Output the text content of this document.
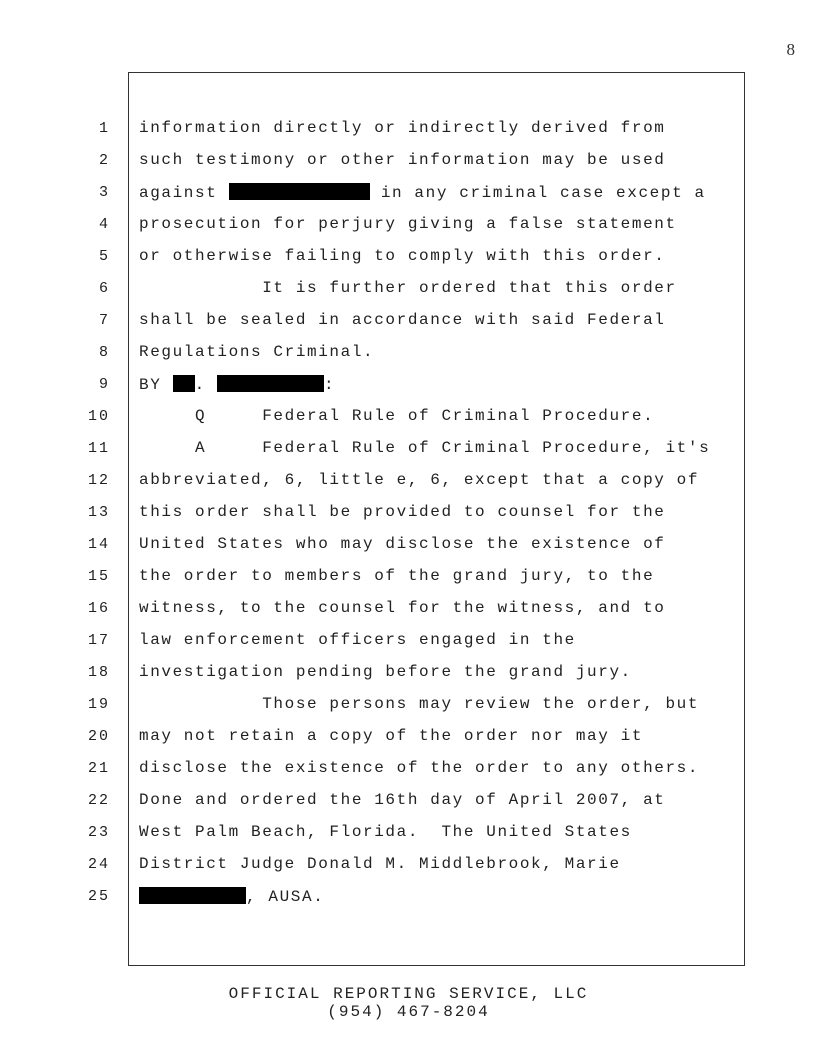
8
1
2
3
4
5
6
7
8
9
10
11
12
13
14
15
16
17
18
19
20
21
22
23
24
25
information directly or indirectly derived from
such testimony or other information may be used
against	in any criminal case except a
prosecution for perjury giving a false statement
or otherwise failing to comply with this order.
It is further ordered that this order
shall be sealed in accordance with said Federal
Regulations Criminal.
BY .	:
Q     Federal Rule of Criminal Procedure.
A     Federal Rule of Criminal Procedure, it's
abbreviated, 6, little e, 6, except that a copy of
this order shall be provided to counsel for the
United States who may disclose the existence of
the order to members of the grand jury, to the
witness, to the counsel for the witness, and to
law enforcement officers engaged in the
investigation pending before the grand jury.
Those persons may review the order, but
may not retain a copy of the order nor may it
disclose the existence of the order to any others.
Done and ordered the 16th day of April 2007, at
West Palm Beach, Florida.  The United States
District Judge Donald M. Middlebrook, Marie
, AUSA.
OFFICIAL REPORTING SERVICE, LLC
(954) 467-8204
